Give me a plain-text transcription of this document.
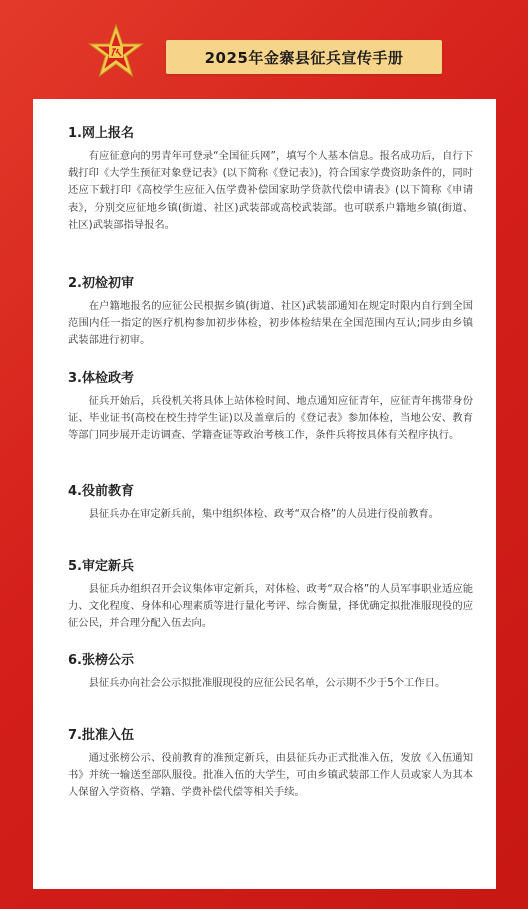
2025年金寨县征兵宣传手册
1.网上报名

有应征意向的男青年可登录“全国征兵网”，填写个人基本信息。报名成功后，自行下载打印《大学生预征对象登记表》(以下简称《登记表》)，符合国家学费资助条件的，同时还应下载打印《高校学生应征入伍学费补偿国家助学贷款代偿申请表》(以下简称《申请表》，分别交应征地乡镇(街道、社区)武装部或高校武装部。也可联系户籍地乡镇(街道、社区)武装部指导报名。

2.初检初审

在户籍地报名的应征公民根据乡镇(街道、社区)武装部通知在规定时限内自行到全国范围内任一指定的医疗机构参加初步体检，初步体检结果在全国范围内互认;同步由乡镇武装部进行初审。

3.体检政考

征兵开始后，兵役机关将具体上站体检时间、地点通知应征青年，应征青年携带身份证、毕业证书(高校在校生持学生证)以及盖章后的《登记表》参加体检，当地公安、教育等部门同步展开走访调查、学籍查证等政治考核工作，条件兵将按具体有关程序执行。

4.役前教育

县征兵办在审定新兵前，集中组织体检、政考“双合格”的人员进行役前教育。

5.审定新兵

县征兵办组织召开会议集体审定新兵，对体检、政考“双合格”的人员军事职业适应能力、文化程度、身体和心理素质等进行量化考评、综合衡量，择优确定拟批准服现役的应征公民，并合理分配入伍去向。

6.张榜公示

县征兵办向社会公示拟批准服现役的应征公民名单，公示期不少于5个工作日。

7.批准入伍

通过张榜公示、役前教育的准预定新兵，由县征兵办正式批准入伍，发放《入伍通知书》并统一输送至部队服役。批准入伍的大学生，可由乡镇武装部工作人员或家人为其本人保留入学资格、学籍、学费补偿代偿等相关手续。
